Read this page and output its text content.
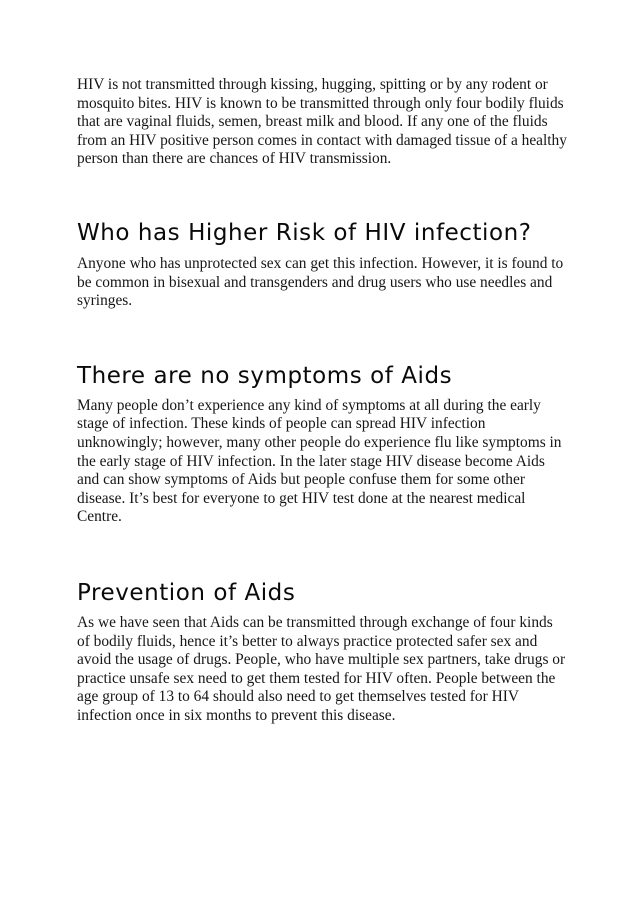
HIV is not transmitted through kissing, hugging, spitting or by any rodent or mosquito bites. HIV is known to be transmitted through only four bodily fluids that are vaginal fluids, semen, breast milk and blood. If any one of the fluids from an HIV positive person comes in contact with damaged tissue of a healthy person than there are chances of HIV transmission.

Who has Higher Risk of HIV infection?

Anyone who has unprotected sex can get this infection. However, it is found to be common in bisexual and transgenders and drug users who use needles and syringes.

There are no symptoms of Aids

Many people don’t experience any kind of symptoms at all during the early stage of infection. These kinds of people can spread HIV infection unknowingly; however, many other people do experience flu like symptoms in the early stage of HIV infection. In the later stage HIV disease become Aids and can show symptoms of Aids but people confuse them for some other disease. It’s best for everyone to get HIV test done at the nearest medical Centre.

Prevention of Aids

As we have seen that Aids can be transmitted through exchange of four kinds of bodily fluids, hence it’s better to always practice protected safer sex and avoid the usage of drugs. People, who have multiple sex partners, take drugs or practice unsafe sex need to get them tested for HIV often. People between the age group of 13 to 64 should also need to get themselves tested for HIV infection once in six months to prevent this disease.
